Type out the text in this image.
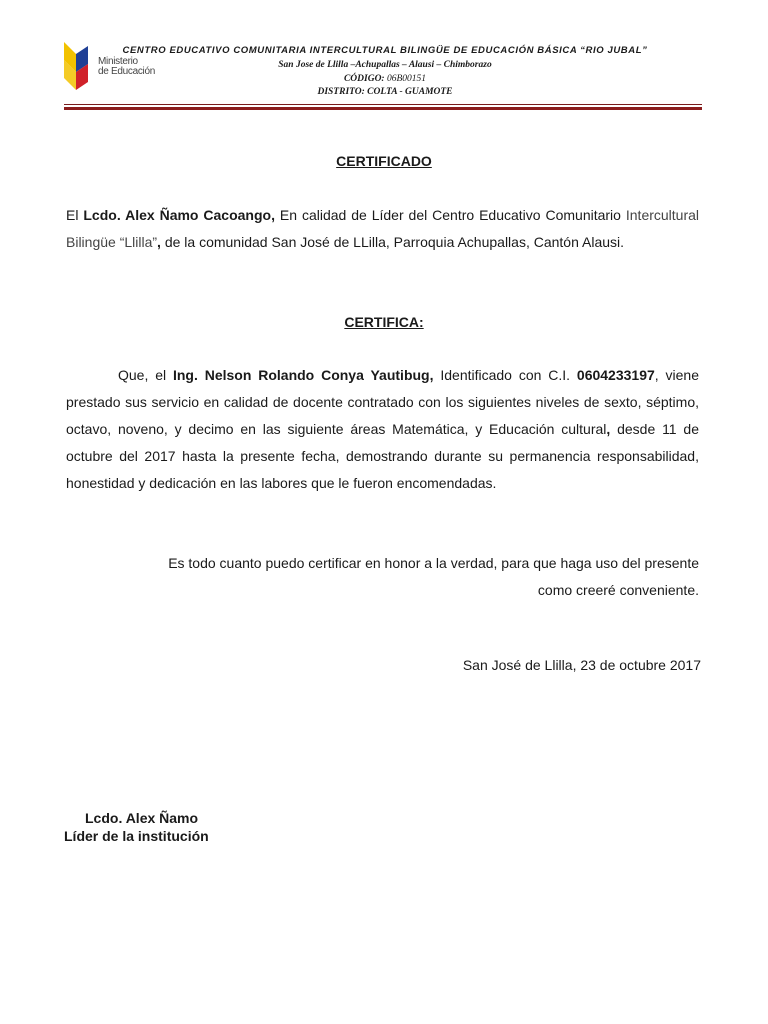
Ministerio
de Educación
CENTRO EDUCATIVO COMUNITARIA INTERCULTURAL BILINGÜE DE EDUCACIÓN BÁSICA “RIO JUBAL”
San Jose de Llilla –Achupallas – Alausi – Chimborazo
CÓDIGO: 06B00151
DISTRITO: COLTA - GUAMOTE
CERTIFICADO
El Lcdo. Alex Ñamo Cacoango, En calidad de Líder del Centro Educativo Comunitario Intercultural Bilingüe “Llilla”, de la comunidad San José de LLilla, Parroquia Achupallas, Cantón Alausi.
CERTIFICA:
Que, el Ing. Nelson Rolando Conya Yautibug, Identificado con C.I. 0604233197, viene prestado sus servicio en calidad de docente contratado con los siguientes niveles de sexto, séptimo, octavo, noveno, y decimo en las siguiente áreas Matemática, y Educación cultural, desde 11 de octubre del 2017 hasta la presente fecha, demostrando durante su permanencia responsabilidad, honestidad y dedicación en las labores que le fueron encomendadas.
Es todo cuanto puedo certificar en honor a la verdad, para que haga uso del presente
como creeré conveniente.
San José de Llilla, 23 de octubre 2017
Lcdo. Alex Ñamo
Líder de la institución
